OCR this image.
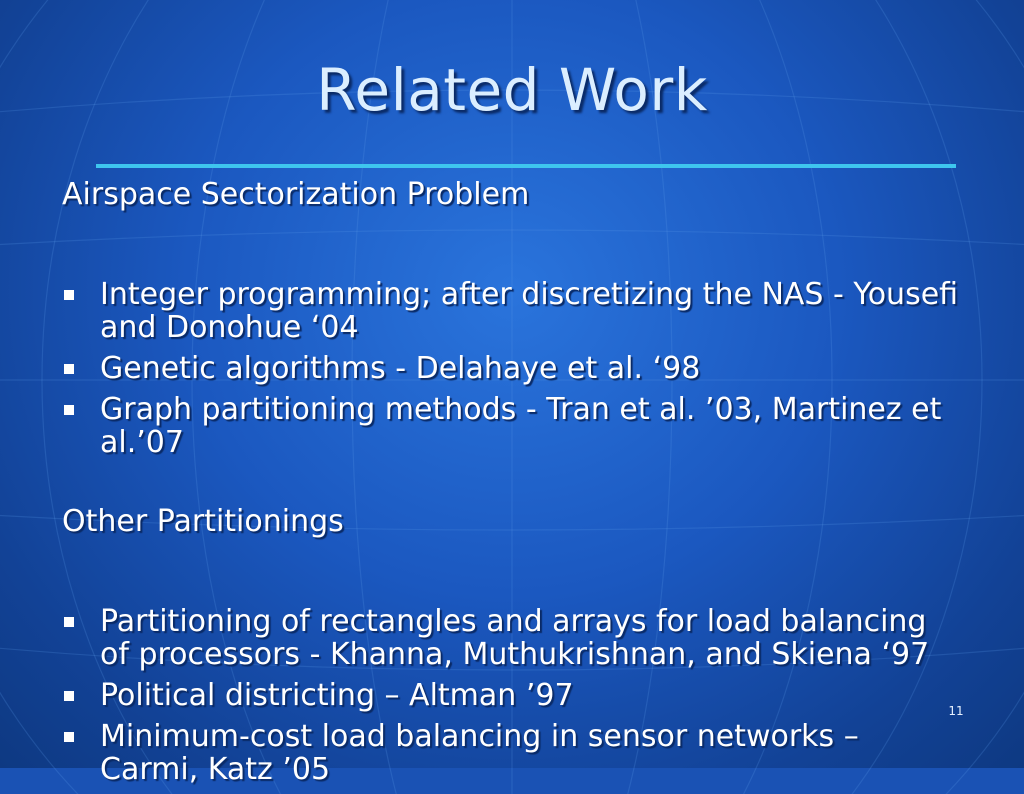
Related Work
Airspace Sectorization Problem
Integer programming; after discretizing the NAS - Yousefi and Donohue ‘04
Genetic algorithms - Delahaye et al. ‘98
Graph partitioning methods - Tran et al. ’03, Martinez et al.’07
Other Partitionings
Partitioning of rectangles and arrays for load balancing of processors - Khanna, Muthukrishnan, and Skiena ‘97
Political districting – Altman ’97
Minimum-cost load balancing in sensor networks – Carmi, Katz ’05
11
